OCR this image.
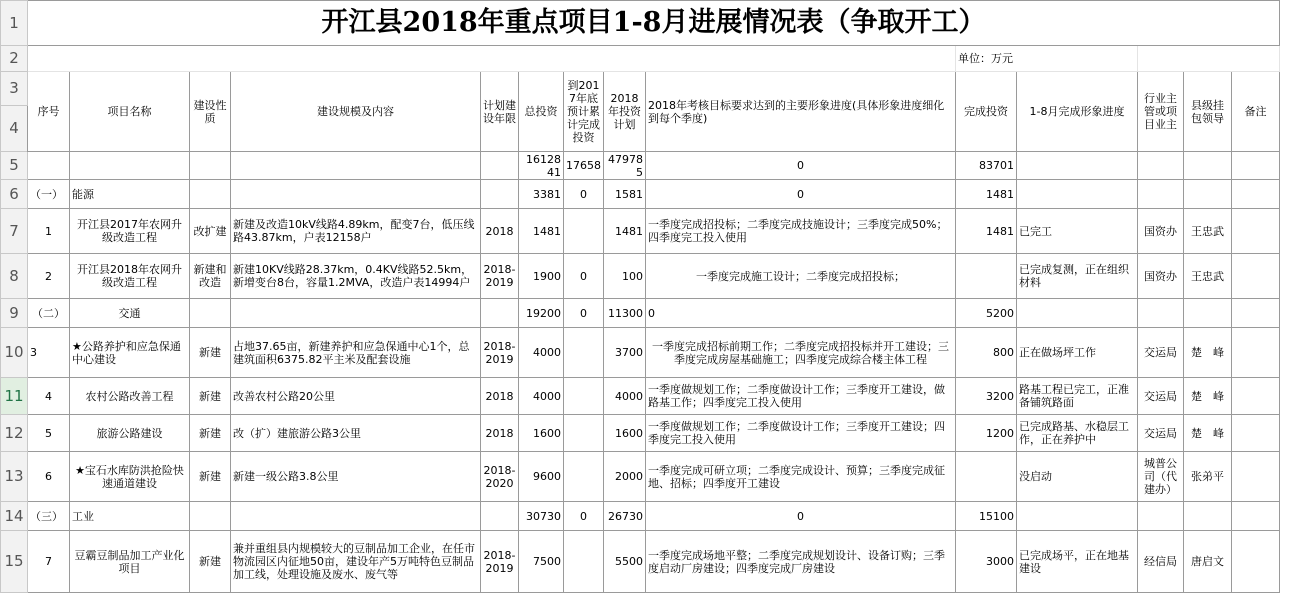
1	开江县2018年重点项目1-8月进展情况表（争取开工）													
2										单位：万元				
3	序号	项目名称	建设性质	建设规模及内容	计划建设年限	总投资	到2017年底预计累计完成投资	2018年投资计划	2018年考核目标要求达到的主要形象进度(具体形象进度细化到每个季度)	完成投资	1-8月完成形象进度	行业主管或项目业主	县级挂包领导	备注
4														
5						1612841	17658	479785	0	83701				
6	（一）	能源				3381	0	1581	0	1481				
7	1	开江县2017年农网升级改造工程	改扩建	新建及改造10kV线路4.89km，配变7台，低压线路43.87km，户表12158户	2018	1481		1481	一季度完成招投标；二季度完成技施设计；三季度完成50%；四季度完工投入使用	1481	已完工	国资办	王忠武	
8	2	开江县2018年农网升级改造工程	新建和改造	新建10KV线路28.37km，0.4KV线路52.5km，新增变台8台，容量1.2MVA，改造户表14994户	2018-2019	1900	0	100	一季度完成施工设计；二季度完成招投标；		已完成复测，正在组织材料	国资办	王忠武	
9	（二）	交通				19200	0	11300	0	5200				
10	3	★公路养护和应急保通中心建设	新建	占地37.65亩，新建养护和应急保通中心1个，总建筑面积6375.82平主米及配套设施	2018-2019	4000		3700	一季度完成招标前期工作；二季度完成招投标并开工建设；三季度完成房屋基础施工；四季度完成综合楼主体工程	800	正在做场坪工作	交运局	楚　峰	
11	4	农村公路改善工程	新建	改善农村公路20公里	2018	4000		4000	一季度做规划工作；二季度做设计工作；三季度开工建设，做路基工作；四季度完工投入使用	3200	路基工程已完工，正准备铺筑路面	交运局	楚　峰	
12	5	旅游公路建设	新建	改（扩）建旅游公路3公里	2018	1600		1600	一季度做规划工作；二季度做设计工作；三季度开工建设；四季度完工投入使用	1200	已完成路基、水稳层工作，正在养护中	交运局	楚　峰	
13	6	★宝石水库防洪抢险快速通道建设	新建	新建一级公路3.8公里	2018-2020	9600		2000	一季度完成可研立项；二季度完成设计、预算；三季度完成征地、招标；四季度开工建设		没启动	城普公司（代建办）	张弟平	
14	（三）	工业				30730	0	26730	0	15100				
15	7	豆霸豆制品加工产业化项目	新建	兼并重组县内规模较大的豆制品加工企业，在任市物流园区内征地50亩，建设年产5万吨特色豆制品加工线，处理设施及废水、废气等	2018-2019	7500		5500	一季度完成场地平整；二季度完成规划设计、设备订购；三季度启动厂房建设；四季度完成厂房建设	3000	已完成场平，正在地基建设	经信局	唐启文	
